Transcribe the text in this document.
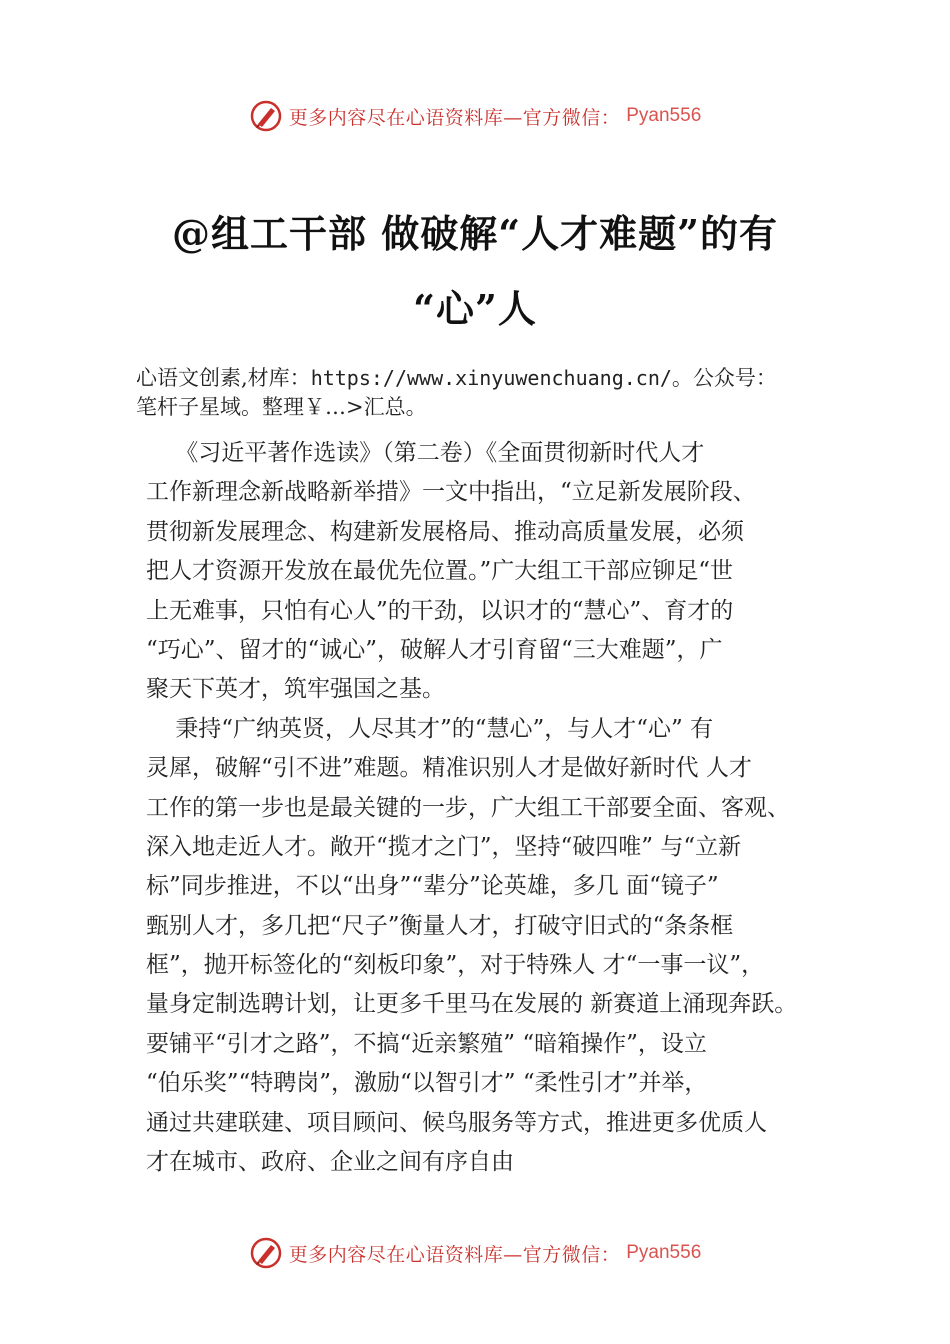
更多内容尽在心语资料库—官方微信： Pyan556
@组工干部 做破解“人才难题”的有
“心”人
心语文创素,材库：https://www.xinyuwenchuang.cn/。公众号：
笔杆子星域。整理￥…>汇总。
《习近平著作选读》（第二卷）《全面贯彻新时代人才
工作新理念新战略新举措》一文中指出，“立足新发展阶段、
贯彻新发展理念、构建新发展格局、推动高质量发展，必须
把人才资源开发放在最优先位置。”广大组工干部应铆足“世
上无难事，只怕有心人”的干劲，以识才的“慧心”、育才的
“巧心”、留才的“诚心”，破解人才引育留“三大难题”，广
聚天下英才，筑牢强国之基。
秉持“广纳英贤，人尽其才”的“慧心”，与人才“心” 有
灵犀，破解“引不进”难题。精准识别人才是做好新时代 人才
工作的第一步也是最关键的一步，广大组工干部要全面、客观、
深入地走近人才。敞开“揽才之门”，坚持“破四唯” 与“立新
标”同步推进，不以“出身”“辈分”论英雄，多几 面“镜子”
甄别人才，多几把“尺子”衡量人才，打破守旧式的“条条框
框”，抛开标签化的“刻板印象”，对于特殊人 才“一事一议”，
量身定制选聘计划，让更多千里马在发展的 新赛道上涌现奔跃。
要铺平“引才之路”，不搞“近亲繁殖” “暗箱操作”，设立
“伯乐奖”“特聘岗”，激励“以智引才” “柔性引才”并举，
通过共建联建、项目顾问、候鸟服务等方式，推进更多优质人
才在城市、政府、企业之间有序自由
更多内容尽在心语资料库—官方微信： Pyan556
